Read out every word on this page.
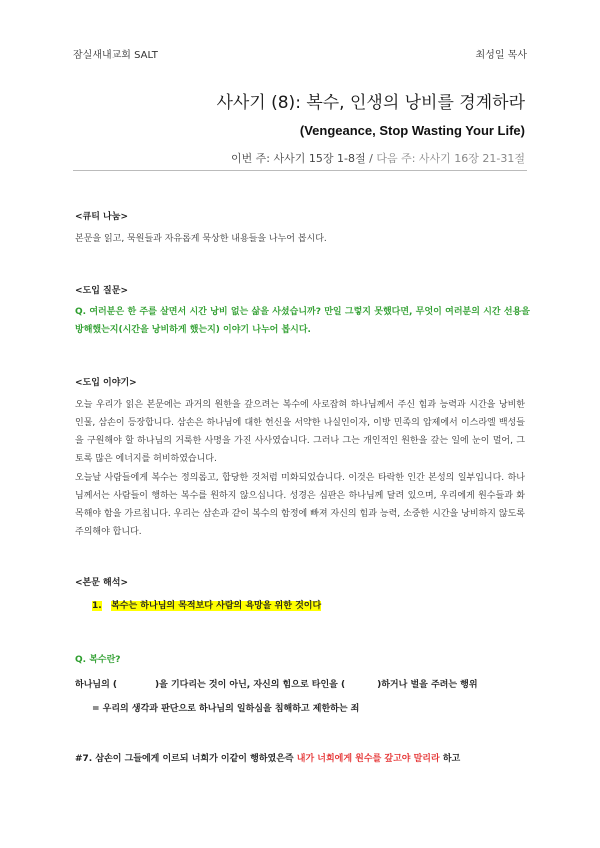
잠실새내교회 SALT	최성일 목사
사사기 (8): 복수, 인생의 낭비를 경계하라
(Vengeance, Stop Wasting Your Life)
이번 주: 사사기 15장 1-8절 / 다음 주: 사사기 16장 21-31절
<큐티 나눔>

본문을 읽고, 묵원들과 자유롭게 묵상한 내용들을 나누어 봅시다.

<도입 질문>

Q. 여러분은 한 주를 살면서 시간 낭비 없는 삶을 사셨습니까? 만일 그렇지 못했다면, 무엇이 여러분의 시간 선용을 방해했는지(시간을 낭비하게 했는지) 이야기 나누어 봅시다.

<도입 이야기>

오늘 우리가 읽은 본문에는 과거의 원한을 갚으려는 복수에 사로잡혀 하나님께서 주신 힘과 능력과 시간을 낭비한 인물, 삼손이 등장합니다. 삼손은 하나님에 대한 헌신을 서약한 나실인이자, 이방 민족의 압제에서 이스라엘 백성들을 구원해야 할 하나님의 거룩한 사명을 가진 사사였습니다. 그러나 그는 개인적인 원한을 갚는 일에 눈이 멀어, 그토록 많은 에너지를 허비하였습니다.

오늘날 사람들에게 복수는 정의롭고, 합당한 것처럼 미화되었습니다. 이것은 타락한 인간 본성의 일부입니다. 하나님께서는 사람들이 행하는 복수를 원하지 않으십니다. 성경은 심판은 하나님께 달려 있으며, 우리에게 원수들과 화목해야 함을 가르칩니다. 우리는 삼손과 같이 복수의 함정에 빠져 자신의 힘과 능력, 소중한 시간을 낭비하지 않도록 주의해야 합니다.

<본문 해석>
1. 복수는 하나님의 목적보다 사람의 욕망을 위한 것이다
Q. 복수란?
하나님의 (	)을 기다리는 것이 아닌, 자신의 힘으로 타인을 (	)하거나 벌을 주려는 행위
= 우리의 생각과 판단으로 하나님의 일하심을 침해하고 제한하는 죄
#7. 삼손이 그들에게 이르되 너희가 이같이 행하였은즉 내가 너희에게 원수를 갚고야 말리라 하고
